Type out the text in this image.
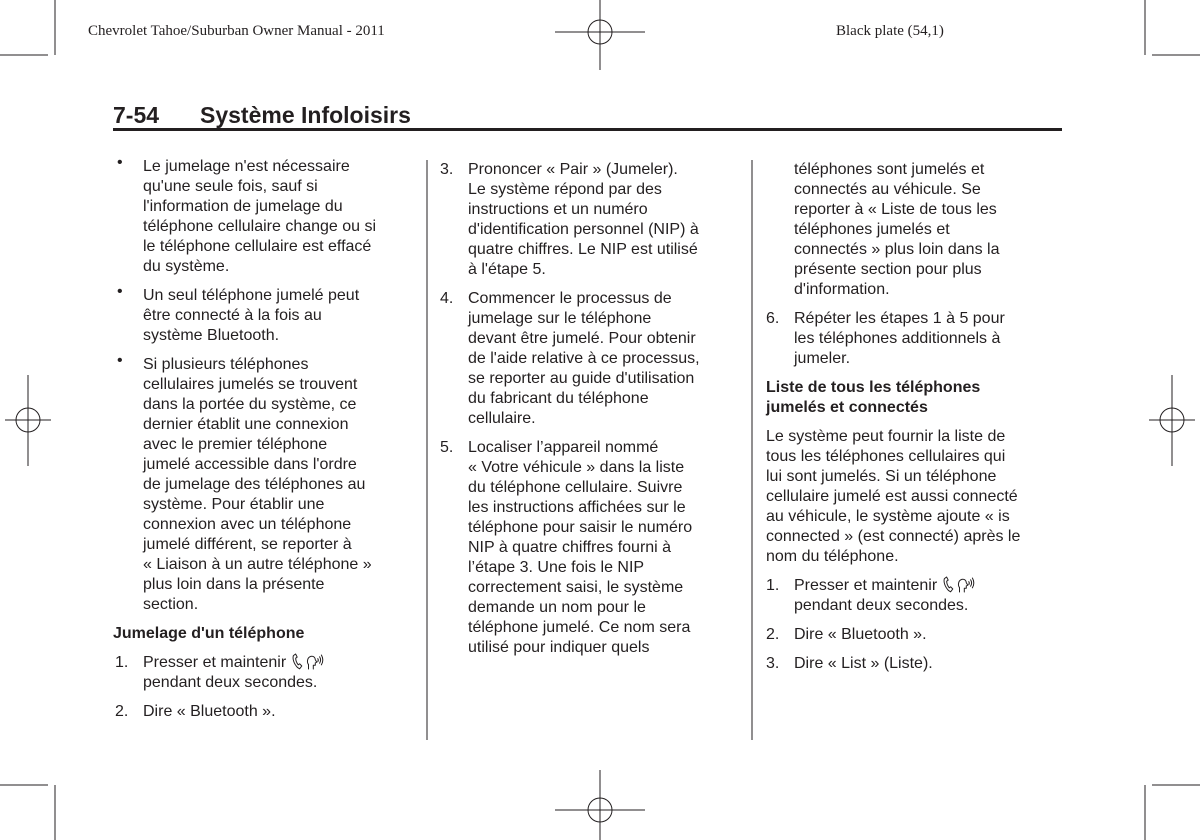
Chevrolet Tahoe/Suburban Owner Manual - 2011	Black plate (54,1)
7-54 Système Infoloisirs
• Le jumelage n'est nécessaire
qu'une seule fois, sauf si
l'information de jumelage du
téléphone cellulaire change ou si
le téléphone cellulaire est effacé
du système.
• Un seul téléphone jumelé peut
être connecté à la fois au
système Bluetooth.
• Si plusieurs téléphones
cellulaires jumelés se trouvent
dans la portée du système, ce
dernier établit une connexion
avec le premier téléphone
jumelé accessible dans l'ordre
de jumelage des téléphones au
système. Pour établir une
connexion avec un téléphone
jumelé différent, se reporter à
« Liaison à un autre téléphone »
plus loin dans la présente
section.
Jumelage d'un téléphone
1. Presser et maintenir
pendant deux secondes.
2. Dire « Bluetooth ».
3. Prononcer « Pair » (Jumeler).
Le système répond par des
instructions et un numéro
d'identification personnel (NIP) à
quatre chiffres. Le NIP est utilisé
à l'étape 5.
4. Commencer le processus de
jumelage sur le téléphone
devant être jumelé. Pour obtenir
de l'aide relative à ce processus,
se reporter au guide d'utilisation
du fabricant du téléphone
cellulaire.
5. Localiser l’appareil nommé
« Votre véhicule » dans la liste
du téléphone cellulaire. Suivre
les instructions affichées sur le
téléphone pour saisir le numéro
NIP à quatre chiffres fourni à
l’étape 3. Une fois le NIP
correctement saisi, le système
demande un nom pour le
téléphone jumelé. Ce nom sera
utilisé pour indiquer quels
téléphones sont jumelés et
connectés au véhicule. Se
reporter à « Liste de tous les
téléphones jumelés et
connectés » plus loin dans la
présente section pour plus
d'information.
6. Répéter les étapes 1 à 5 pour
les téléphones additionnels à
jumeler.
Liste de tous les téléphones
jumelés et connectés
Le système peut fournir la liste de
tous les téléphones cellulaires qui
lui sont jumelés. Si un téléphone
cellulaire jumelé est aussi connecté
au véhicule, le système ajoute « is
connected » (est connecté) après le
nom du téléphone.
1. Presser et maintenir
pendant deux secondes.
2. Dire « Bluetooth ».
3. Dire « List » (Liste).
